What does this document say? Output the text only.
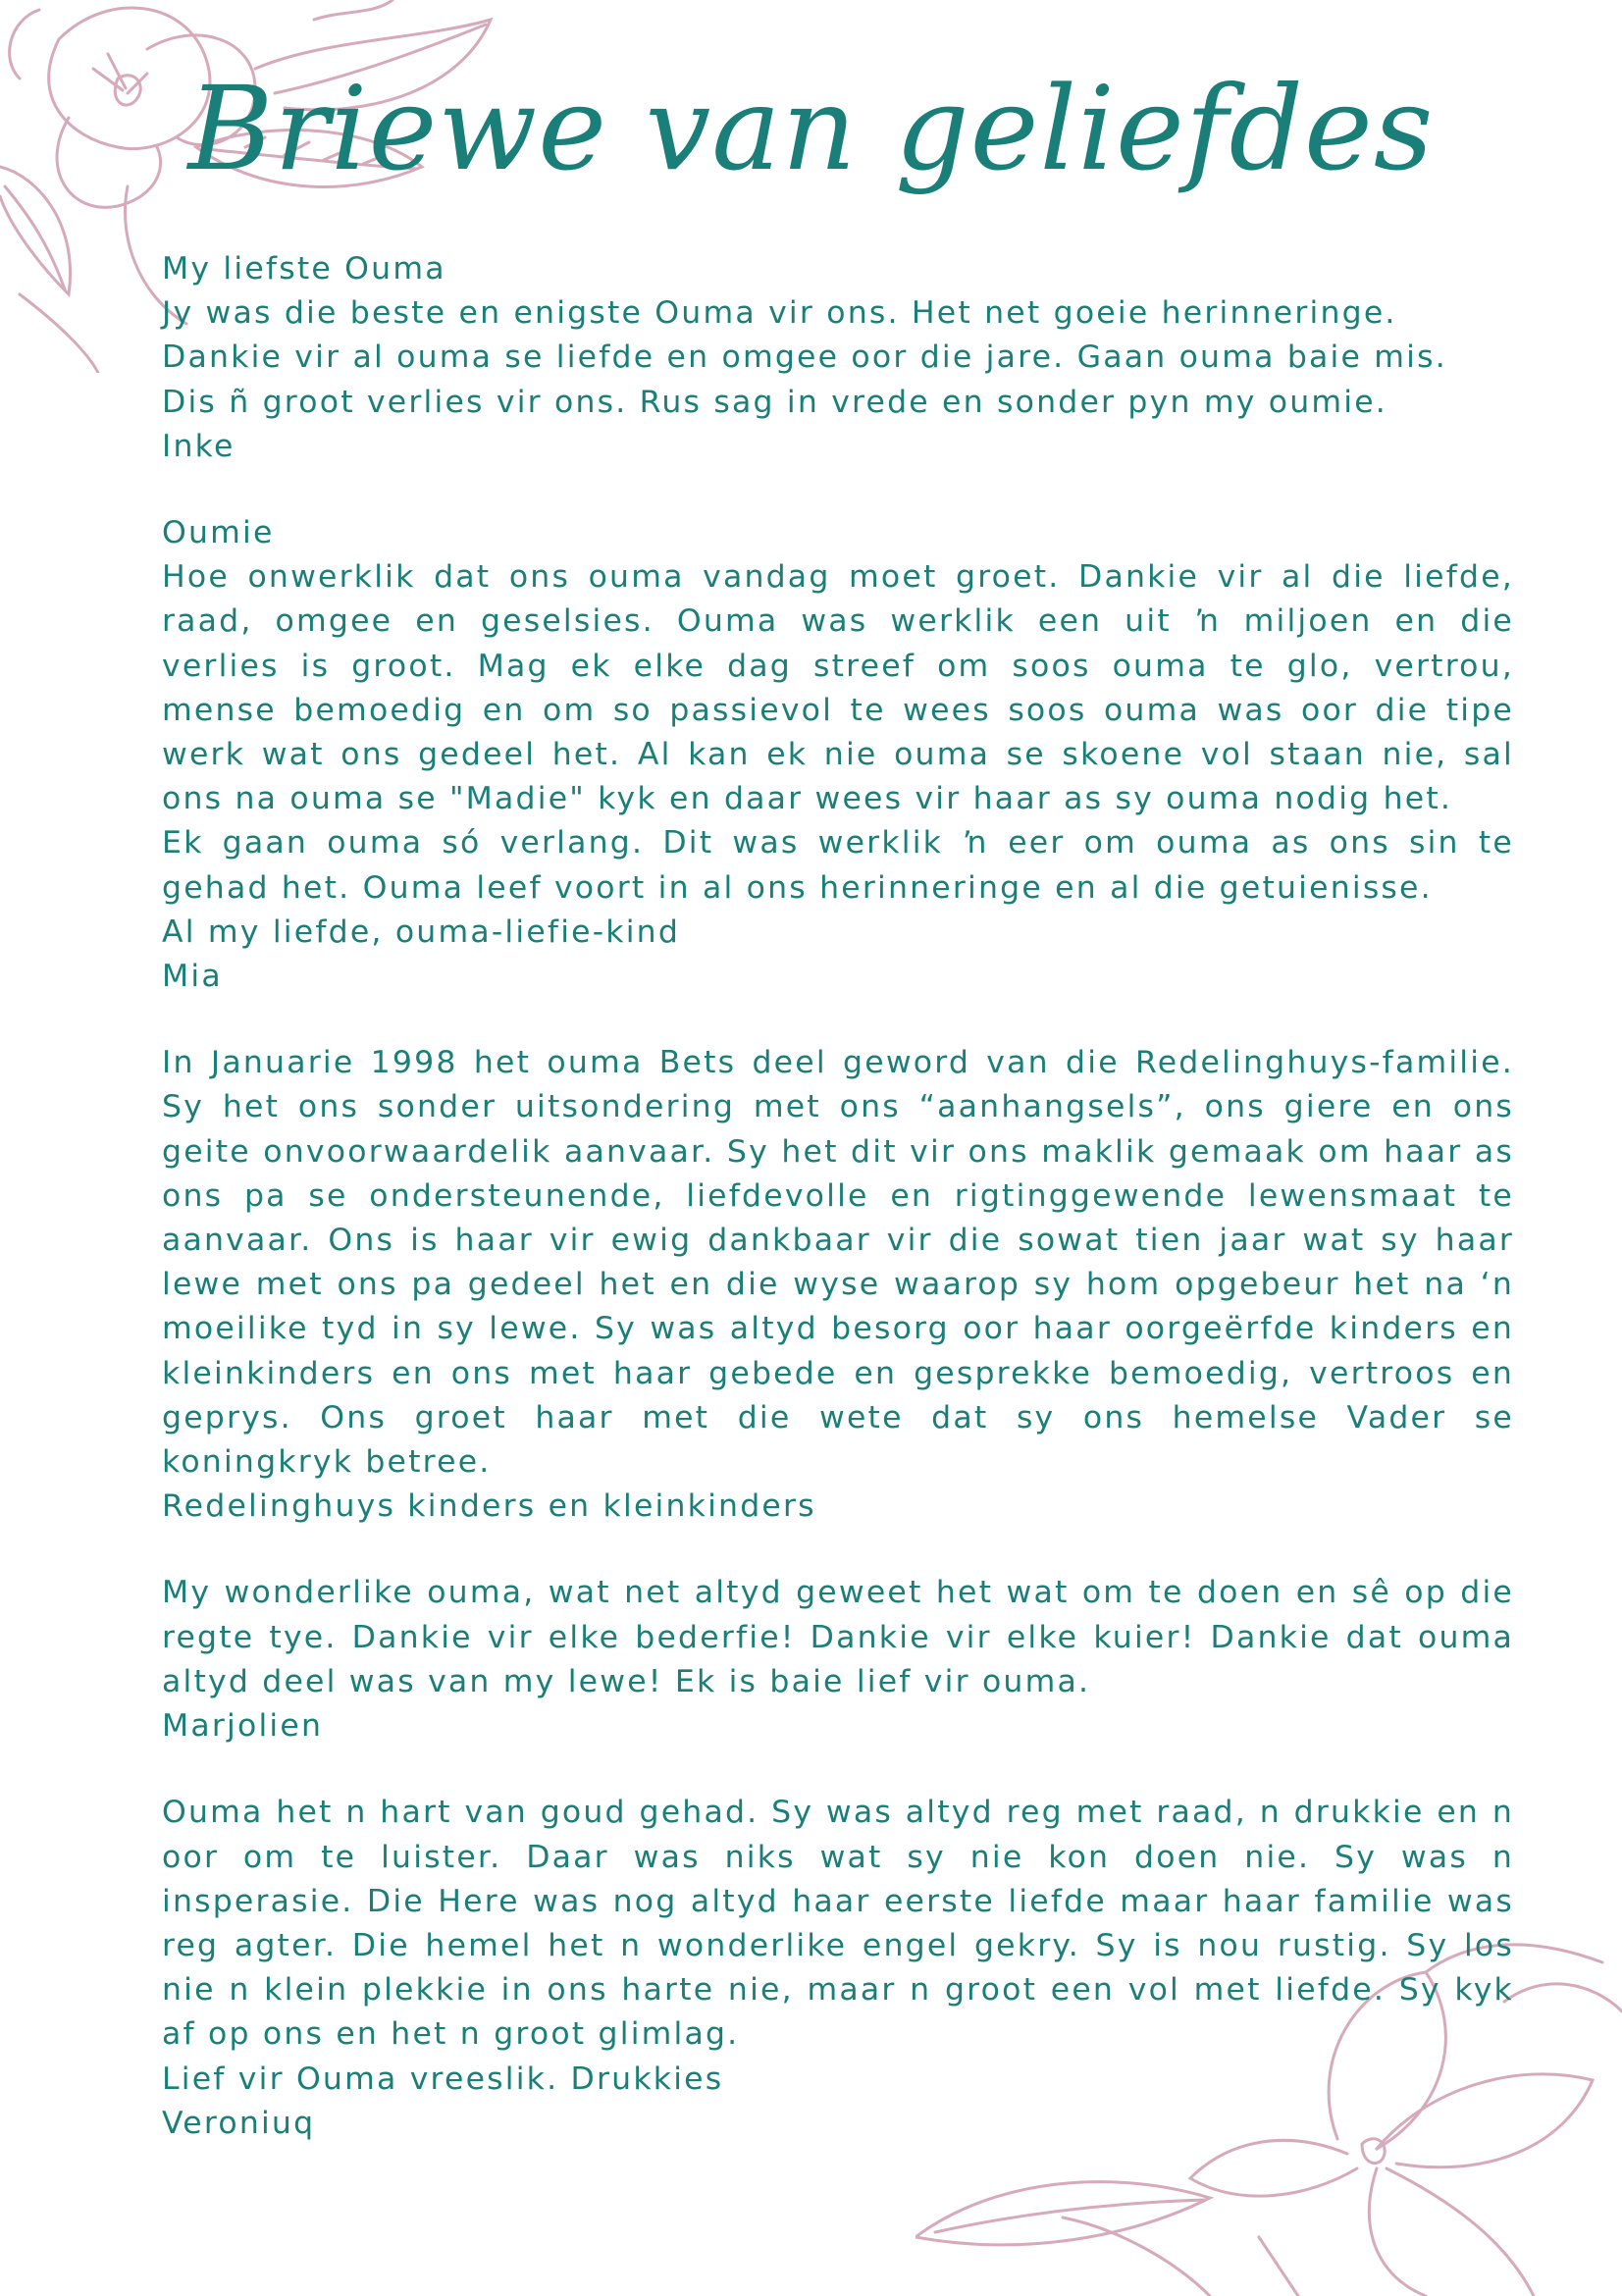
Briewe van geliefdes
My liefste Ouma

Jy was die beste en enigste Ouma vir ons. Het net goeie herinneringe. Dankie vir al ouma se liefde en omgee oor die jare. Gaan ouma baie mis. Dis ñ groot verlies vir ons. Rus sag in vrede en sonder pyn my oumie.

Inke
Oumie

Hoe onwerklik dat ons ouma vandag moet groet. Dankie vir al die liefde, raad, omgee en geselsies. Ouma was werklik een uit ŉ miljoen en die verlies is groot. Mag ek elke dag streef om soos ouma te glo, vertrou, mense bemoedig en om so passievol te wees soos ouma was oor die tipe werk wat ons gedeel het. Al kan ek nie ouma se skoene vol staan nie, sal ons na ouma se "Madie" kyk en daar wees vir haar as sy ouma nodig het.

Ek gaan ouma só verlang. Dit was werklik ŉ eer om ouma as ons sin te gehad het. Ouma leef voort in al ons herinneringe en al die getuienisse.

Al my liefde, ouma-liefie-kind

Mia

In Januarie 1998 het ouma Bets deel geword van die Redelinghuys-familie. Sy het ons sonder uitsondering met ons “aanhangsels”, ons giere en ons geite onvoorwaardelik aanvaar. Sy het dit vir ons maklik gemaak om haar as ons pa se ondersteunende, liefdevolle en rigtinggewende lewensmaat te aanvaar. Ons is haar vir ewig dankbaar vir die sowat tien jaar wat sy haar lewe met ons pa gedeel het en die wyse waarop sy hom opgebeur het na ‘n moeilike tyd in sy lewe. Sy was altyd besorg oor haar oorgeërfde kinders en kleinkinders en ons met haar gebede en gesprekke bemoedig, vertroos en geprys. Ons groet haar met die wete dat sy ons hemelse Vader se koningkryk betree.

Redelinghuys kinders en kleinkinders

My wonderlike ouma, wat net altyd geweet het wat om te doen en sê op die regte tye. Dankie vir elke bederfie! Dankie vir elke kuier! Dankie dat ouma altyd deel was van my lewe! Ek is baie lief vir ouma.

Marjolien

Ouma het n hart van goud gehad. Sy was altyd reg met raad, n drukkie en n oor om te luister. Daar was niks wat sy nie kon doen nie. Sy was n insperasie. Die Here was nog altyd haar eerste liefde maar haar familie was reg agter. Die hemel het n wonderlike engel gekry. Sy is nou rustig. Sy los nie n klein plekkie in ons harte nie, maar n groot een vol met liefde. Sy kyk af op ons en het n groot glimlag.

Lief vir Ouma vreeslik. Drukkies

Veroniuq
